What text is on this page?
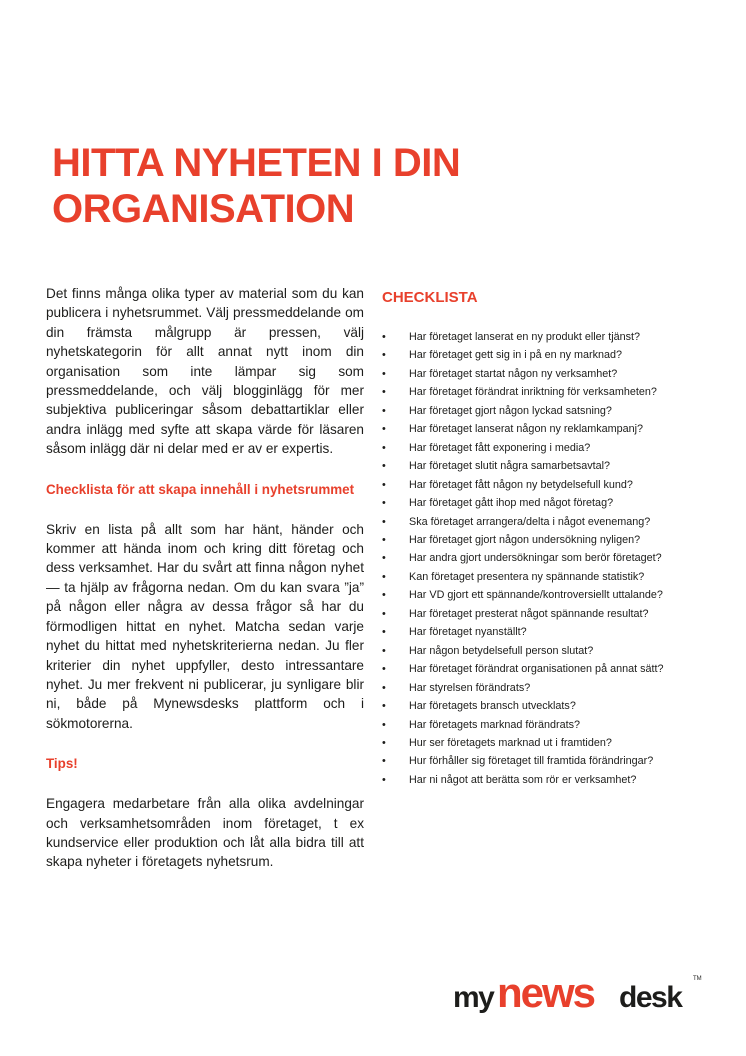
HITTA NYHETEN I DIN ORGANISATION

Det finns många olika typer av material som du kan publicera i nyhetsrummet. Välj pressmeddelande om din främsta målgrupp är pressen, välj nyhetskategorin för allt annat nytt inom din organisation som inte lämpar sig som pressmeddelande, och välj blogginlägg för mer subjektiva publiceringar såsom debattartiklar eller andra inlägg med syfte att skapa värde för läsaren såsom inlägg där ni delar med er av er expertis.

Checklista för att skapa innehåll i nyhetsrummet

Skriv en lista på allt som har hänt, händer och kommer att hända inom och kring ditt företag och dess verksamhet. Har du svårt att finna någon nyhet — ta hjälp av frågorna nedan. Om du kan svara ”ja” på någon eller några av dessa frågor så har du förmodligen hittat en nyhet. Matcha sedan varje nyhet du hittat med nyhetskriterierna nedan. Ju fler kriterier din nyhet uppfyller, desto intressantare nyhet. Ju mer frekvent ni publicerar, ju synligare blir ni, både på Mynewsdesks plattform och i sökmotorerna.

Tips!

Engagera medarbetare från alla olika avdelningar och verksamhetsområden inom företaget, t ex kundservice eller produktion och låt alla bidra till att skapa nyheter i företagets nyhetsrum.

CHECKLISTA
• Har företaget lanserat en ny produkt eller tjänst?
• Har företaget gett sig in i på en ny marknad?
• Har företaget startat någon ny verksamhet?
• Har företaget förändrat inriktning för verksamheten?
• Har företaget gjort någon lyckad satsning?
• Har företaget lanserat någon ny reklamkampanj?
• Har företaget fått exponering i media?
• Har företaget slutit några samarbetsavtal?
• Har företaget fått någon ny betydelsefull kund?
• Har företaget gått ihop med något företag?
• Ska företaget arrangera/delta i något evenemang?
• Har företaget gjort någon undersökning nyligen?
• Har andra gjort undersökningar som berör företaget?
• Kan företaget presentera ny spännande statistik?
• Har VD gjort ett spännande/kontroversiellt uttalande?
• Har företaget presterat något spännande resultat?
• Har företaget nyanställt?
• Har någon betydelsefull person slutat?
• Har företaget förändrat organisationen på annat sätt?
• Har styrelsen förändrats?
• Har företagets bransch utvecklats?
• Har företagets marknad förändrats?
• Hur ser företagets marknad ut i framtiden?
• Hur förhåller sig företaget till framtida förändringar?
• Har ni något att berätta som rör er verksamhet?
my news desk
TM
